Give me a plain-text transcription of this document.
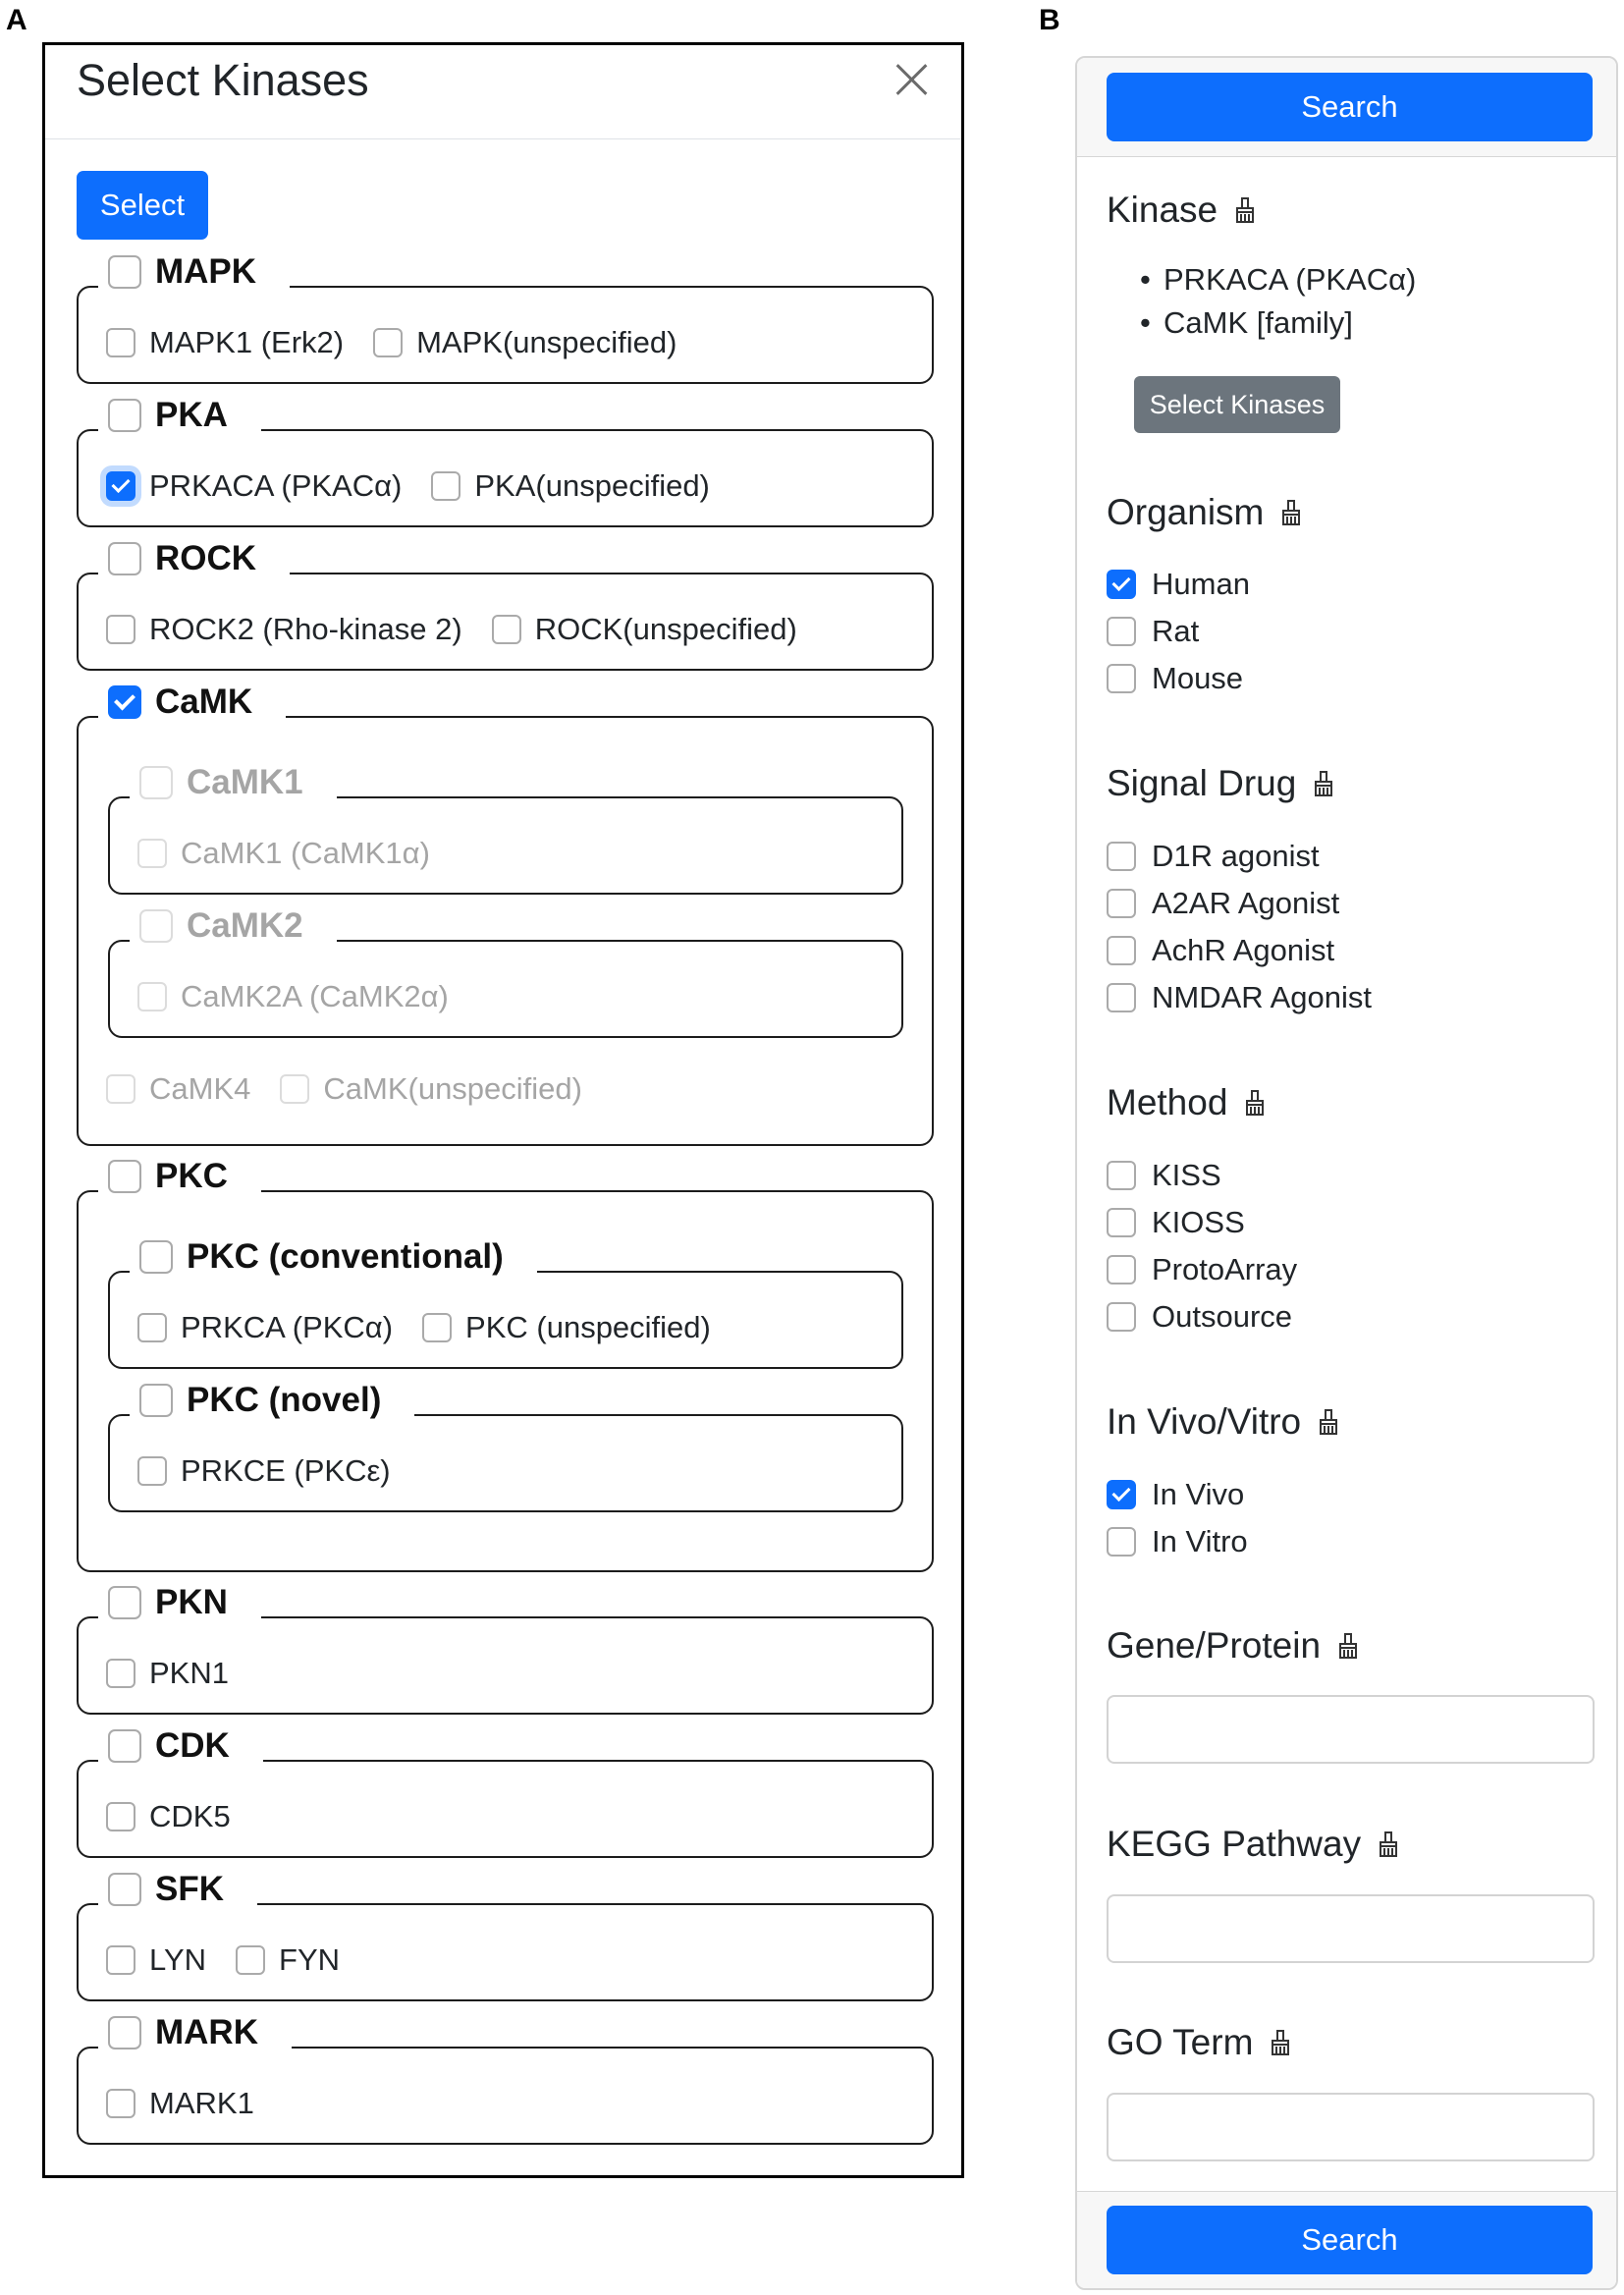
A	B
Select Kinases
Select
MAPK
MAPK1 (Erk2) MAPK(unspecified)
PKA
PRKACA (PKACα) PKA(unspecified)
ROCK
ROCK2 (Rho-kinase 2) ROCK(unspecified)
CaMK
CaMK1
CaMK1 (CaMK1α)
CaMK2
CaMK2A (CaMK2α)
CaMK4 CaMK(unspecified)
PKC
PKC (conventional)
PRKCA (PKCα) PKC (unspecified)
PKC (novel)
PRKCE (PKCε)
PKN
PKN1
CDK
CDK5
SFK
LYN FYN
MARK
MARK1
Search
Kinase
• PRKACA (PKACα)
• CaMK [family]
Select Kinases
Organism
Human
Rat
Mouse
Signal Drug
D1R agonist
A2AR Agonist
AchR Agonist
NMDAR Agonist
Method
KISS
KIOSS
ProtoArray
Outsource
In Vivo/Vitro
In Vivo
In Vitro
Gene/Protein
KEGG Pathway
GO Term
Search
